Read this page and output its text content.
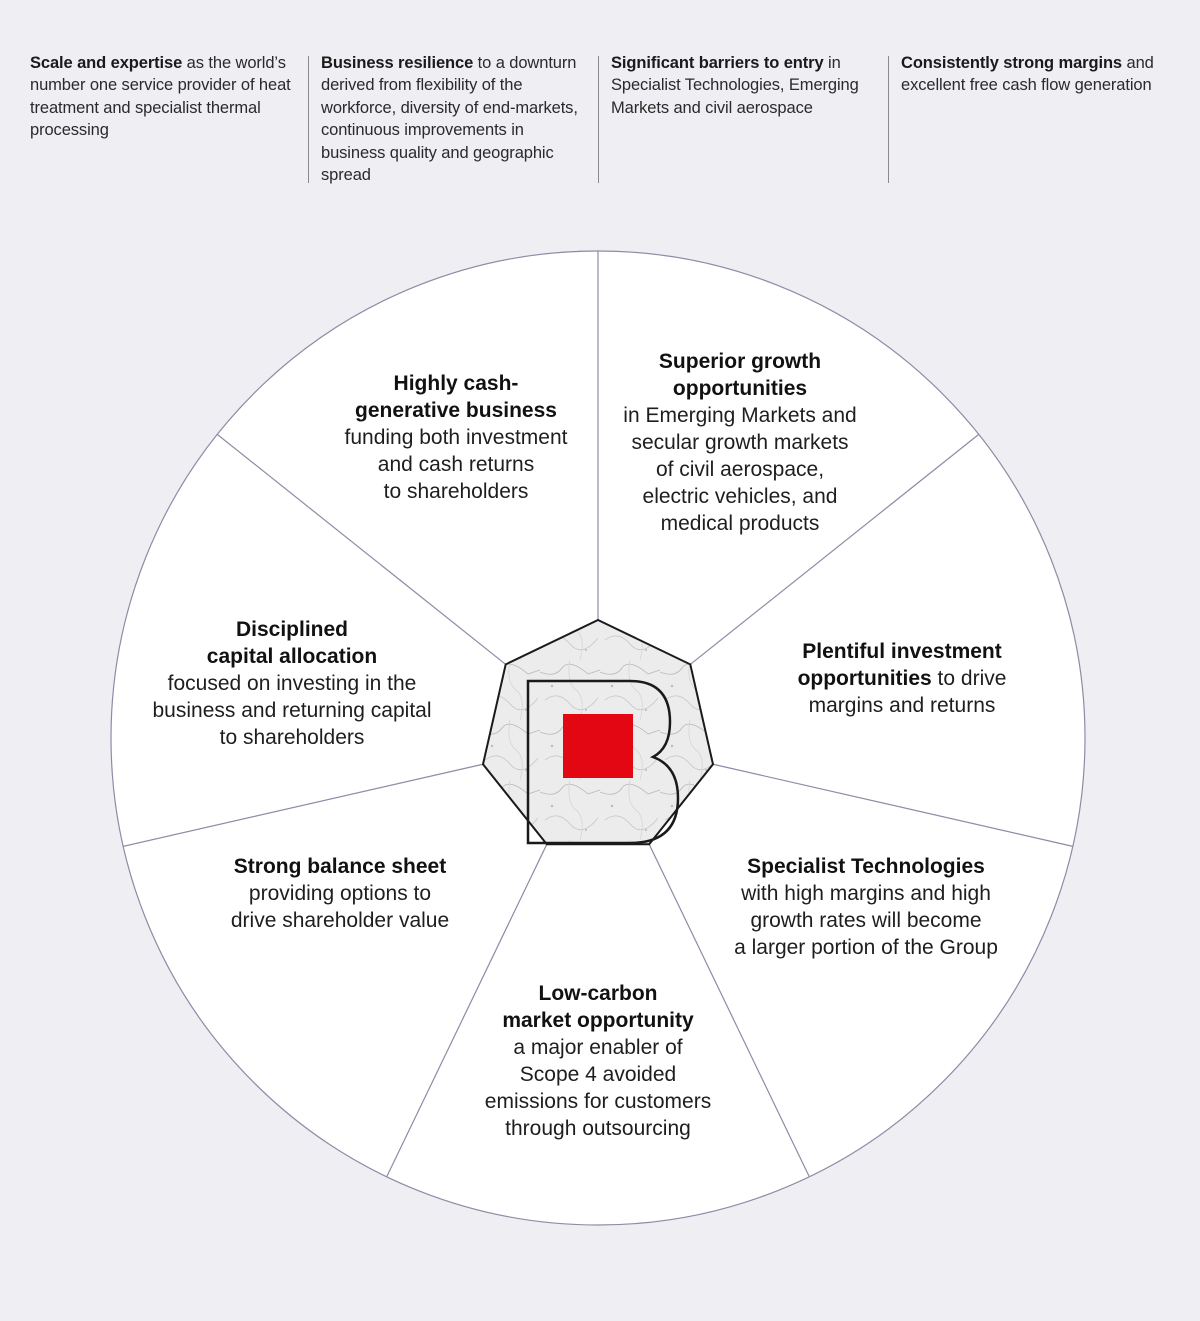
Scale and expertise as the world’s number one service provider of heat treatment and specialist thermal processing
Business resilience to a downturn derived from flexibility of the workforce, diversity of end-markets, continuous improvements in business quality and geographic spread
Significant barriers to entry in Specialist Technologies, Emerging Markets and civil aerospace
Consistently strong margins and excellent free cash flow generation
Highly cash-
generative business
funding both investment
and cash returns
to shareholders
Superior growth
opportunities
in Emerging Markets and
secular growth markets
of civil aerospace,
electric vehicles, and
medical products
Plentiful investment
opportunities to drive
margins and returns
Specialist Technologies
with high margins and high
growth rates will become
a larger portion of the Group
Low-carbon
market opportunity
a major enabler of
Scope 4 avoided
emissions for customers
through outsourcing
Strong balance sheet
providing options to
drive shareholder value
Disciplined
capital allocation
focused on investing in the
business and returning capital
to shareholders
